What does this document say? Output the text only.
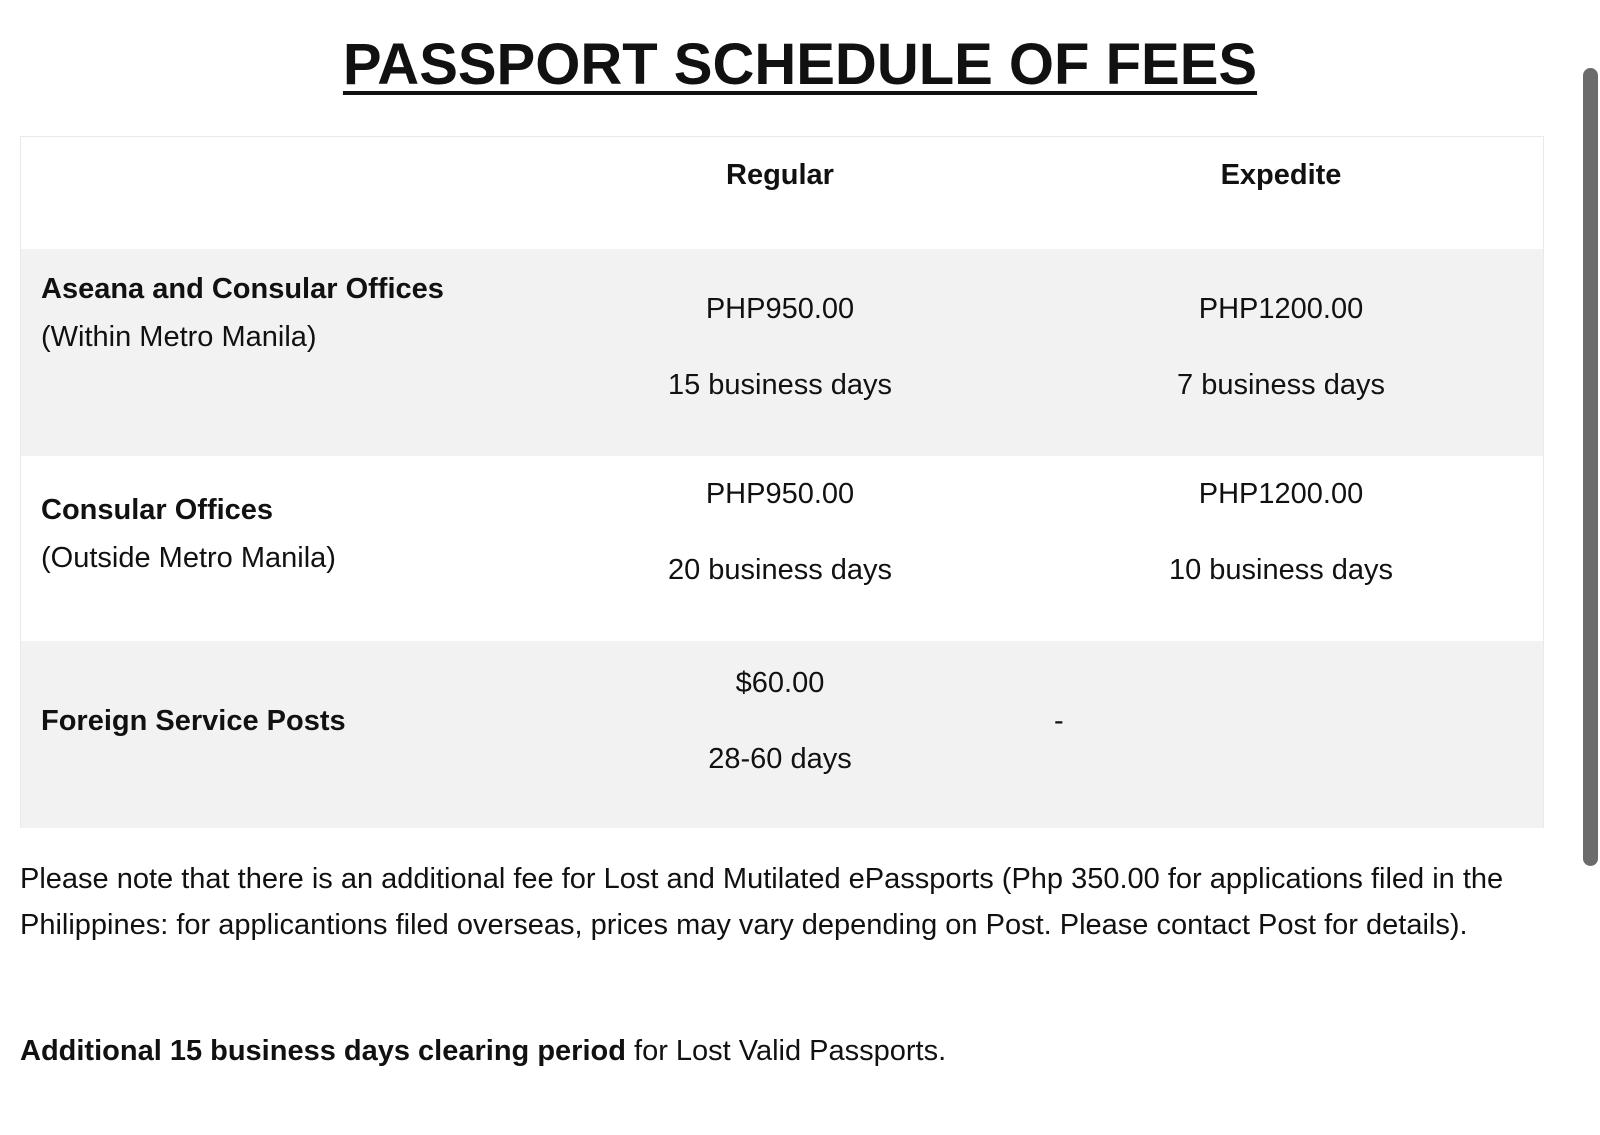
PASSPORT SCHEDULE OF FEES
Regular	Expedite
Aseana and Consular Offices
(Within Metro Manila)
PHP950.00
15 business days
PHP1200.00
7 business days
Consular Offices
(Outside Metro Manila)
PHP950.00
20 business days
PHP1200.00
10 business days
Foreign Service Posts
$60.00
28-60 days
-

Please note that there is an additional fee for Lost and Mutilated ePassports (Php 350.00 for applications filed in the Philippines: for applicantions filed overseas, prices may vary depending on Post. Please contact Post for details).

Additional 15 business days clearing period for Lost Valid Passports.
